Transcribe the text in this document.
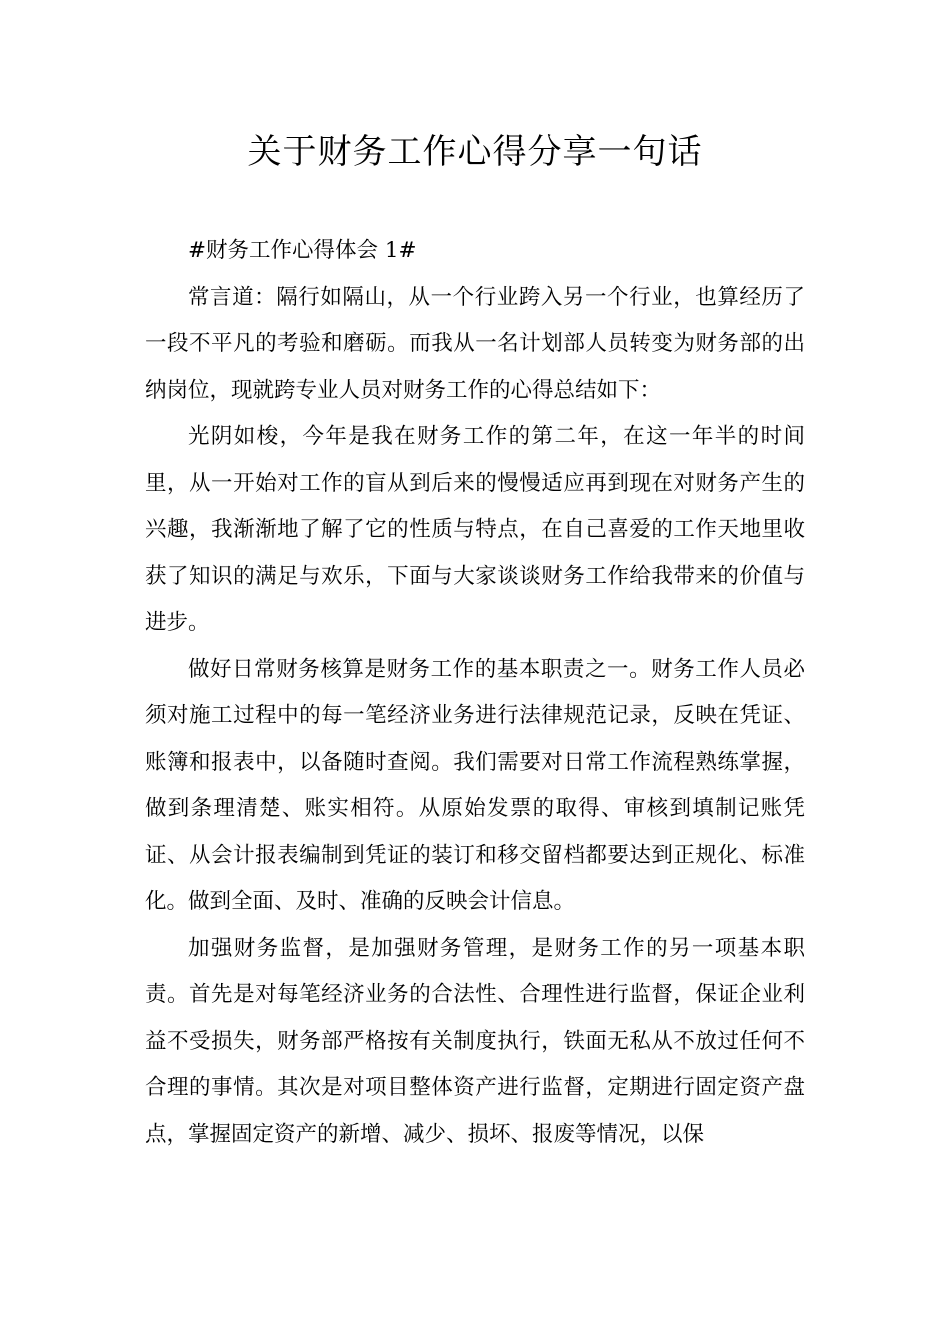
关于财务工作心得分享一句话

#财务工作心得体会 1#

常言道：隔行如隔山，从一个行业跨入另一个行业，也算经历了一段不平凡的考验和磨砺。而我从一名计划部人员转变为财务部的出纳岗位，现就跨专业人员对财务工作的心得总结如下：

光阴如梭，今年是我在财务工作的第二年，在这一年半的时间里，从一开始对工作的盲从到后来的慢慢适应再到现在对财务产生的兴趣，我渐渐地了解了它的性质与特点，在自己喜爱的工作天地里收获了知识的满足与欢乐，下面与大家谈谈财务工作给我带来的价值与进步。

做好日常财务核算是财务工作的基本职责之一。财务工作人员必须对施工过程中的每一笔经济业务进行法律规范记录，反映在凭证、账簿和报表中，以备随时查阅。我们需要对日常工作流程熟练掌握，做到条理清楚、账实相符。从原始发票的取得、审核到填制记账凭证、从会计报表编制到凭证的装订和移交留档都要达到正规化、标准化。做到全面、及时、准确的反映会计信息。

加强财务监督，是加强财务管理，是财务工作的另一项基本职责。首先是对每笔经济业务的合法性、合理性进行监督，保证企业利益不受损失，财务部严格按有关制度执行，铁面无私从不放过任何不合理的事情。其次是对项目整体资产进行监督，定期进行固定资产盘点，掌握固定资产的新增、减少、损坏、报废等情况，以保
